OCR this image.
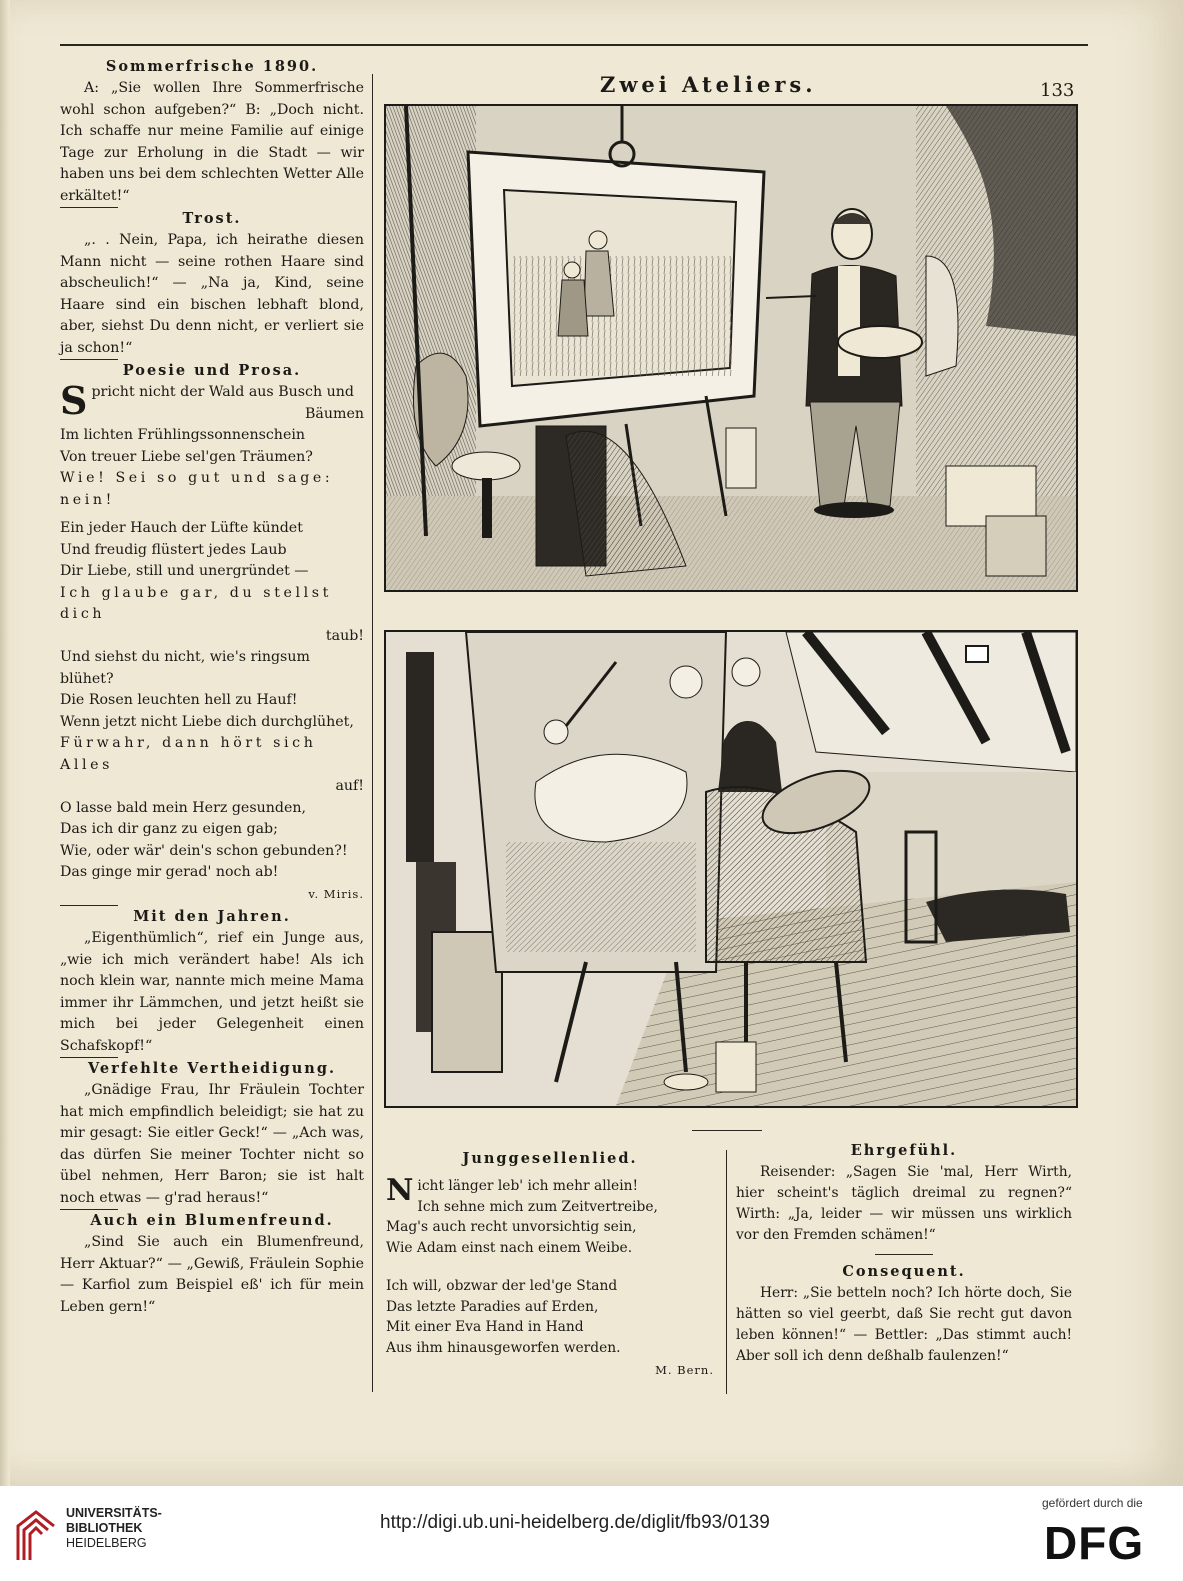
Zwei Ateliers.	133
Sommerfrische 1890.

A: „Sie wollen Ihre Sommerfrische wohl schon aufgeben?“ B: „Doch nicht. Ich schaffe nur meine Familie auf einige Tage zur Erholung in die Stadt — wir haben uns bei dem schlechten Wetter Alle erkältet!“

Trost.

„. . Nein, Papa, ich heirathe diesen Mann nicht — seine rothen Haare sind abscheulich!“ — „Na ja, Kind, seine Haare sind ein bischen lebhaft blond, aber, siehst Du denn nicht, er verliert sie ja schon!“

Poesie und Prosa.
Spricht nicht der Wald aus Busch und
Bäumen
Im lichten Frühlingssonnenschein
Von treuer Liebe sel'gen Träumen?
Wie! Sei so gut und sage: nein!
Ein jeder Hauch der Lüfte kündet
Und freudig flüstert jedes Laub
Dir Liebe, still und unergründet —
Ich glaube gar, du stellst dich
taub!
Und siehst du nicht, wie's ringsum blühet?
Die Rosen leuchten hell zu Hauf!
Wenn jetzt nicht Liebe dich durchglühet,
Fürwahr, dann hört sich Alles
auf!
O lasse bald mein Herz gesunden,
Das ich dir ganz zu eigen gab;
Wie, oder wär' dein's schon gebunden?!
Das ginge mir gerad' noch ab!
v. Miris.
Mit den Jahren.

„Eigenthümlich“, rief ein Junge aus, „wie ich mich verändert habe! Als ich noch klein war, nannte mich meine Mama immer ihr Lämmchen, und jetzt heißt sie mich bei jeder Gelegenheit einen Schafskopf!“

Verfehlte Vertheidigung.

„Gnädige Frau, Ihr Fräulein Tochter hat mich empfindlich beleidigt; sie hat zu mir gesagt: Sie eitler Geck!“ — „Ach was, das dürfen Sie meiner Tochter nicht so übel nehmen, Herr Baron; sie ist halt noch etwas — g'rad heraus!“

Auch ein Blumenfreund.

„Sind Sie auch ein Blumenfreund, Herr Aktuar?“ — „Gewiß, Fräulein Sophie — Karfiol zum Beispiel eß' ich für mein Leben gern!“

Junggesellenlied.
Nicht länger leb' ich mehr allein!
Ich sehne mich zum Zeitvertreibe,
Mag's auch recht unvorsichtig sein,
Wie Adam einst nach einem Weibe.
Ich will, obzwar der led'ge Stand
Das letzte Paradies auf Erden,
Mit einer Eva Hand in Hand
Aus ihm hinausgeworfen werden.
M. Bern.
Ehrgefühl.

Reisender: „Sagen Sie 'mal, Herr Wirth, hier scheint's täglich dreimal zu regnen?“ Wirth: „Ja, leider — wir müssen uns wirklich vor den Fremden schämen!“

Consequent.

Herr: „Sie betteln noch? Ich hörte doch, Sie hätten so viel geerbt, daß Sie recht gut davon leben können!“ — Bettler: „Das stimmt auch! Aber soll ich denn deßhalb faulenzen!“

UNIVERSITÄTS-
BIBLIOTHEK
HEIDELBERG
http://digi.ub.uni-heidelberg.de/diglit/fb93/0139
gefördert durch die
DFG
